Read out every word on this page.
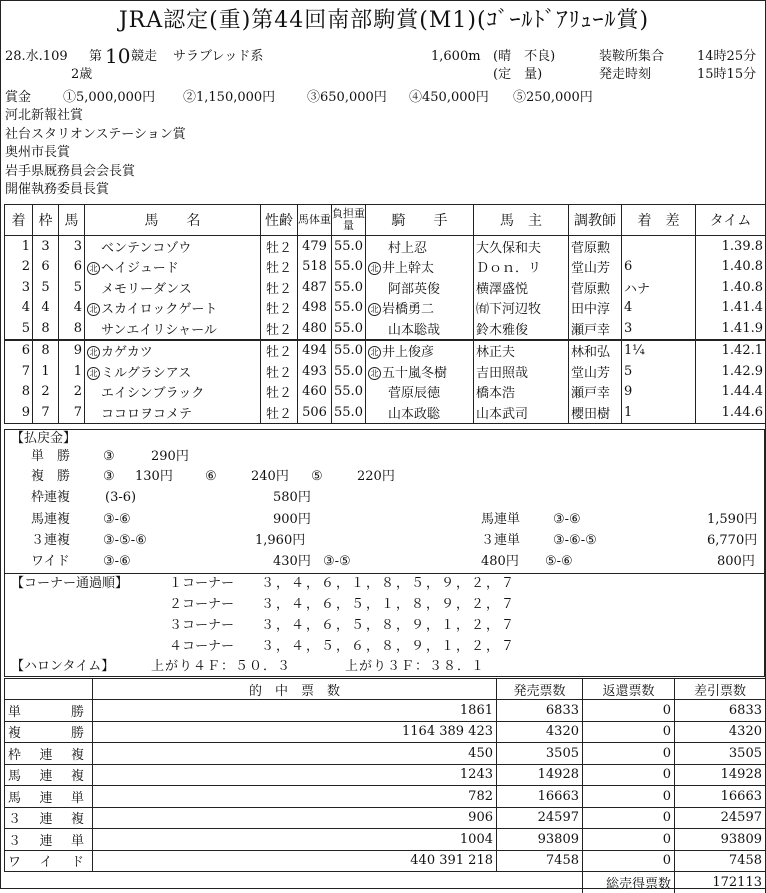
JRA認定(重)第44回南部駒賞(M1)(ｺﾞｰﾙﾄﾞｱﾘｭｰﾙ賞)
28.水.109 第 10 競走 サラブレッド系
2歳
1,600m (晴　不良)
(定　量)
装鞍所集合	14時25分
発走時刻	15時15分
賞金 ①5,000,000円 ②1,150,000円 ③650,000円 ④450,000円 ⑤250,000円
河北新報社賞
社台スタリオンステーション賞
奥州市長賞
岩手県厩務員会会長賞
開催執務委員長賞
着	枠	馬	馬　　名	性齢	馬体重	負担重量	騎　　手	馬　主	調教師	着　差	タイム
1	3	3	ベンテンコゾウ	牡２	479	55.0	村上忍	大久保和夫	菅原勲		1.39.8
2	6	6	北 ヘイジュード	牡２	518	55.0	北 井上幹太	Ｄｏｎ．リ	堂山芳	6	1.40.8
3	5	5	メモリーダンス	牡２	487	55.0	阿部英俊	横澤盛悦	菅原勲	ハナ	1.40.8
4	4	4	北 スカイロックゲート	牡２	498	55.0	北 岩橋勇二	㈲下河辺牧	田中淳	4	1.41.4
5	8	8	サンエイリシャール	牡２	480	55.0	山本聡哉	鈴木雅俊	瀬戸幸	3	1.41.9
6	8	9	北 カゲカツ	牡２	494	55.0	北 井上俊彦	林正夫	林和弘	1¼	1.42.1
7	1	1	北 ミルグラシアス	牡２	493	55.0	北 五十嵐冬樹	吉田照哉	堂山芳	5	1.42.9
8	2	2	エイシンブラック	牡２	460	55.0	菅原辰徳	橋本浩	瀬戸幸	9	1.44.4
9	7	7	ココロヲコメテ	牡２	506	55.0	山本政聡	山本武司	櫻田樹	1	1.44.6
【払戻金】
単　勝	③	290円
複　勝	③ 130円 ⑥	240円 ⑤	220円
枠連複	(3-6)	580円
馬連複	③-⑥	900円	馬連単	③-⑥	1,590円
３連複	③-⑤-⑥	1,960円	３連単	③-⑥-⑤	6,770円
ワイド	③-⑥	430円 ③-⑤	480円 ⑤-⑥	800円
【コーナー通過順】	１コーナー ３，４，６，１，８，５，９，２，７
２コーナー ３，４，６，５，１，８，９，２，７
３コーナー ３，４，６，５，８，９，１，２，７
４コーナー ３，４，５，６，８，９，１，２，７
【ハロンタイム】	上がり４Ｆ：５０．３	上がり３Ｆ：３８．１
	的　中　票　数	発売票数	返還票数	差引票数

単 勝	1861	6833	0	6833

複 勝	1164 389 423	4320	0	4320

枠 連 複	450	3505	0	3505

馬 連 複	1243	14928	0	14928

馬 連 単	782	16663	0	16663

３ 連 複	906	24597	0	24597

３ 連 単	1004	93809	0	93809

ワ イ ド	440 391 218	7458	0	7458
			総売得票数	172113
